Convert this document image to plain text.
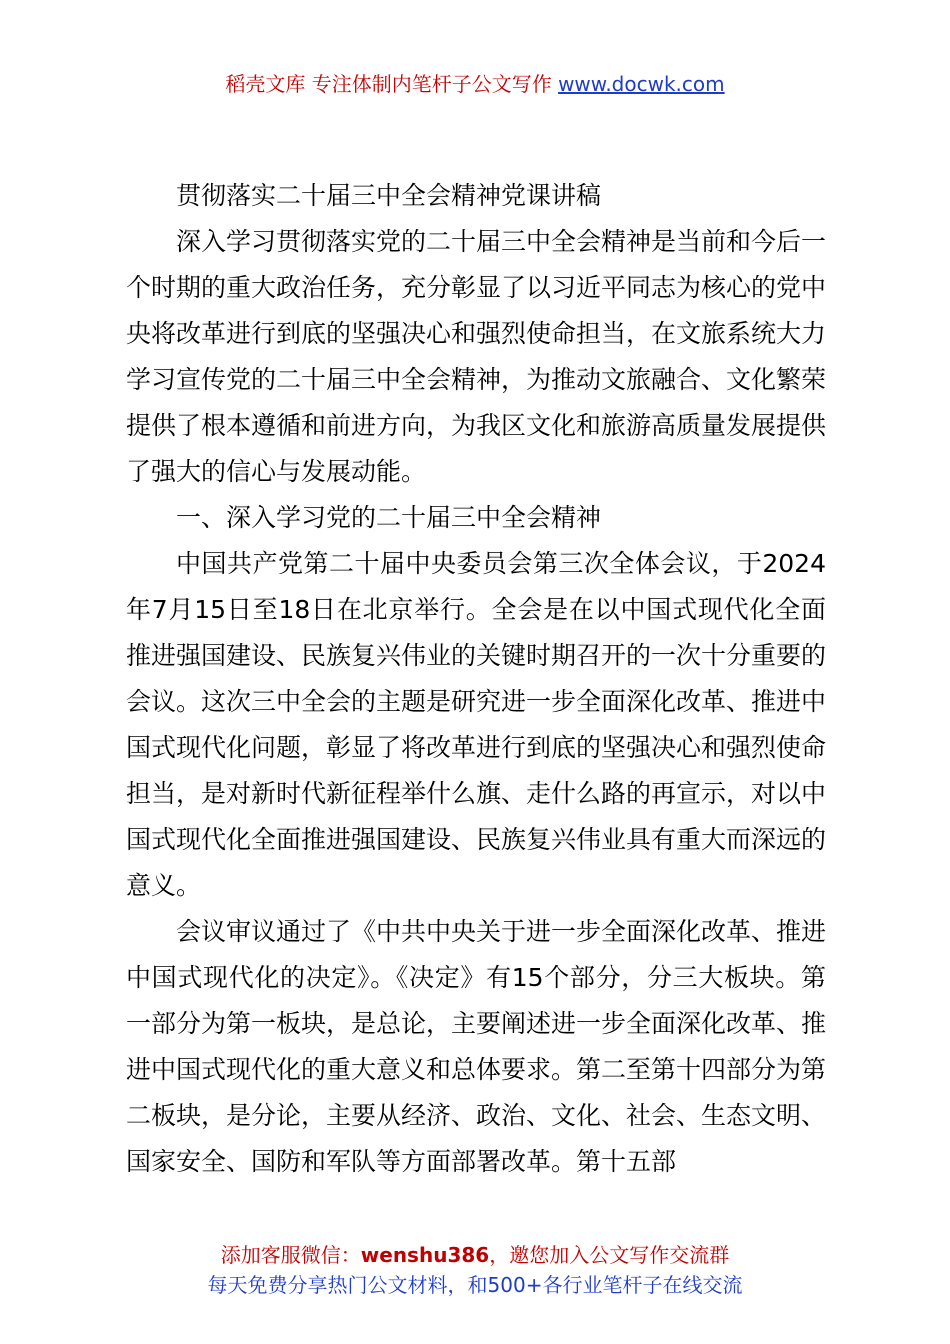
稻壳文库 专注体制内笔杆子公文写作 www.docwk.com

贯彻落实二十届三中全会精神党课讲稿

深入学习贯彻落实党的二十届三中全会精神是当前和今后一个时期的重大政治任务，充分彰显了以习近平同志为核心的党中央将改革进行到底的坚强决心和强烈使命担当，在文旅系统大力学习宣传党的二十届三中全会精神，为推动文旅融合、文化繁荣提供了根本遵循和前进方向，为我区文化和旅游高质量发展提供了强大的信心与发展动能。

一、深入学习党的二十届三中全会精神

中国共产党第二十届中央委员会第三次全体会议，于2024年7月15日至18日在北京举行。全会是在以中国式现代化全面推进强国建设、民族复兴伟业的关键时期召开的一次十分重要的会议。这次三中全会的主题是研究进一步全面深化改革、推进中国式现代化问题，彰显了将改革进行到底的坚强决心和强烈使命担当，是对新时代新征程举什么旗、走什么路的再宣示，对以中国式现代化全面推进强国建设、民族复兴伟业具有重大而深远的意义。

会议审议通过了《中共中央关于进一步全面深化改革、推进中国式现代化的决定》。《决定》有15个部分，分三大板块。第一部分为第一板块，是总论，主要阐述进一步全面深化改革、推进中国式现代化的重大意义和总体要求。第二至第十四部分为第二板块，是分论，主要从经济、政治、文化、社会、生态文明、国家安全、国防和军队等方面部署改革。第十五部

添加客服微信：wenshu386，邀您加入公文写作交流群
每天免费分享热门公文材料，和500+各行业笔杆子在线交流
